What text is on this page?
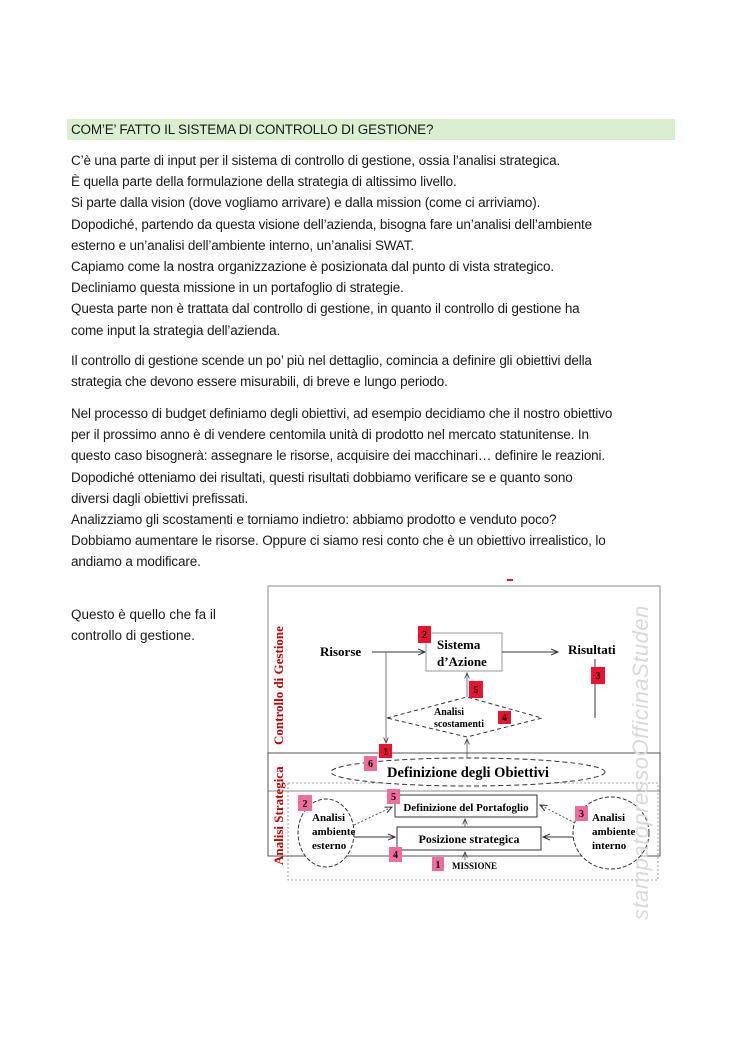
COM’E’ FATTO IL SISTEMA DI CONTROLLO DI GESTIONE?

C’è una parte di input per il sistema di controllo di gestione, ossia l’analisi strategica.

È quella parte della formulazione della strategia di altissimo livello.

Si parte dalla vision (dove vogliamo arrivare) e dalla mission (come ci arriviamo).

Dopodiché, partendo da questa visione dell’azienda, bisogna fare un’analisi dell’ambiente

esterno e un’analisi dell’ambiente interno, un’analisi SWAT.

Capiamo come la nostra organizzazione è posizionata dal punto di vista strategico.

Decliniamo questa missione in un portafoglio di strategie.

Questa parte non è trattata dal controllo di gestione, in quanto il controllo di gestione ha

come input la strategia dell’azienda.

Il controllo di gestione scende un po’ più nel dettaglio, comincia a definire gli obiettivi della

strategia che devono essere misurabili, di breve e lungo periodo.

Nel processo di budget definiamo degli obiettivi, ad esempio decidiamo che il nostro obiettivo

per il prossimo anno è di vendere centomila unità di prodotto nel mercato statunitense. In

questo caso bisognerà: assegnare le risorse, acquisire dei macchinari… definire le reazioni.

Dopodiché otteniamo dei risultati, questi risultati dobbiamo verificare se e quanto sono

diversi dagli obiettivi prefissati.

Analizziamo gli scostamenti e torniamo indietro: abbiamo prodotto e venduto poco?

Dobbiamo aumentare le risorse. Oppure ci siamo resi conto che è un obiettivo irrealistico, lo

andiamo a modificare.

Questo è quello che fa il
controllo di gestione.	Controllo di Gestione
Analisi Strategica
Risorse	Sistema
d’Azione
Risultati
Analisi
scostamenti
Definizione degli Obiettivi
Definizione del Portafoglio
Posizione strategica
MISSIONE
Analisi
ambiente
esterno
Analisi
ambiente
interno
2
3
5
4
1
6
2
5
3
4
1	stampatopressoOfficinaStuden
